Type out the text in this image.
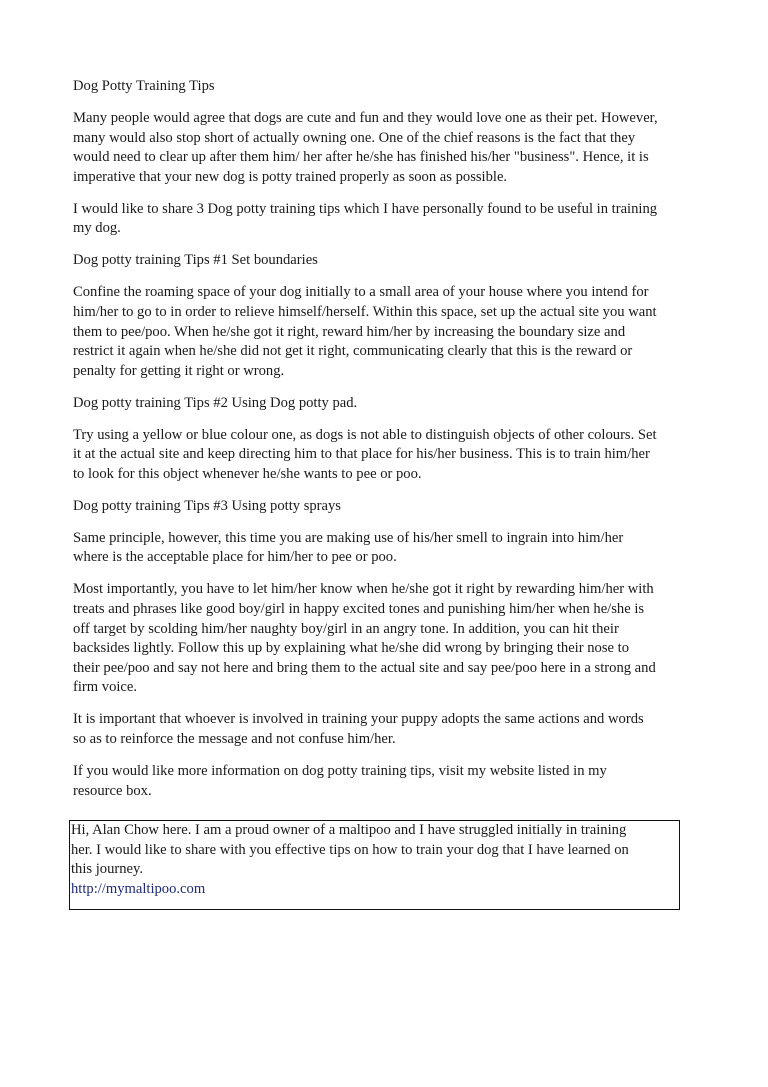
Dog Potty Training Tips
Many people would agree that dogs are cute and fun and they would love one as their pet. However,
many would also stop short of actually owning one. One of the chief reasons is the fact that they
would need to clear up after them him/ her after he/she has finished his/her "business". Hence, it is
imperative that your new dog is potty trained properly as soon as possible.
I would like to share 3 Dog potty training tips which I have personally found to be useful in training
my dog.
Dog potty training Tips #1 Set boundaries
Confine the roaming space of your dog initially to a small area of your house where you intend for
him/her to go to in order to relieve himself/herself. Within this space, set up the actual site you want
them to pee/poo. When he/she got it right, reward him/her by increasing the boundary size and
restrict it again when he/she did not get it right, communicating clearly that this is the reward or
penalty for getting it right or wrong.
Dog potty training Tips #2 Using Dog potty pad.
Try using a yellow or blue colour one, as dogs is not able to distinguish objects of other colours. Set
it at the actual site and keep directing him to that place for his/her business. This is to train him/her
to look for this object whenever he/she wants to pee or poo.
Dog potty training Tips #3 Using potty sprays
Same principle, however, this time you are making use of his/her smell to ingrain into him/her
where is the acceptable place for him/her to pee or poo.
Most importantly, you have to let him/her know when he/she got it right by rewarding him/her with
treats and phrases like good boy/girl in happy excited tones and punishing him/her when he/she is
off target by scolding him/her naughty boy/girl in an angry tone. In addition, you can hit their
backsides lightly. Follow this up by explaining what he/she did wrong by bringing their nose to
their pee/poo and say not here and bring them to the actual site and say pee/poo here in a strong and
firm voice.
It is important that whoever is involved in training your puppy adopts the same actions and words
so as to reinforce the message and not confuse him/her.
If you would like more information on dog potty training tips, visit my website listed in my
resource box.
Hi, Alan Chow here. I am a proud owner of a maltipoo and I have struggled initially in training
her. I would like to share with you effective tips on how to train your dog that I have learned on
this journey.
http://mymaltipoo.com
